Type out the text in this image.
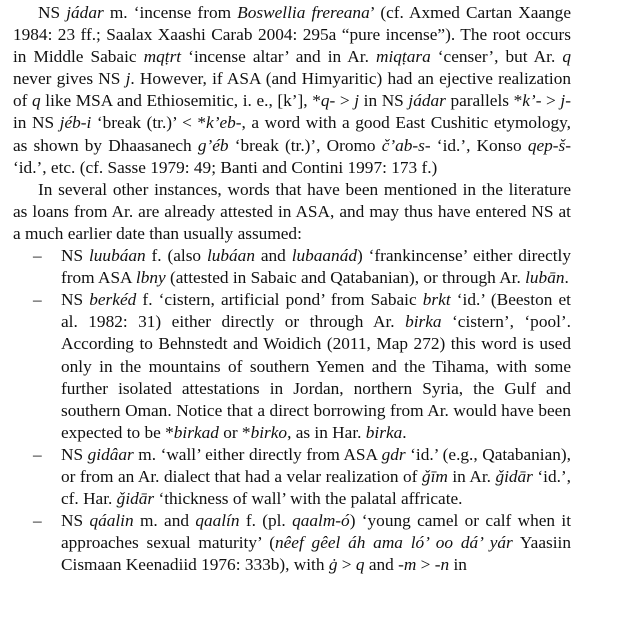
NS jádar m. ‘incense from Boswellia frereana’ (cf. Axmed Cartan Xaange 1984: 23 ff.; Saalax Xaashi Carab 2004: 295a “pure incense”). The root occurs in Middle Sabaic mqṭrt ‘incense altar’ and in Ar. miqṭara ‘censer’, but Ar. q never gives NS j. However, if ASA (and Himyaritic) had an ejective realization of q like MSA and Ethiosemitic, i. e., [k’], *q- > j in NS jádar parallels *k’- > j- in NS jéb-i ‘break (tr.)’ < *k’eb-, a word with a good East Cushitic etymology, as shown by Dhaasanech g’éb ‘break (tr.)’, Oromo č’ab-s- ‘id.’, Konso qep-š- ‘id.’, etc. (cf. Sasse 1979: 49; Banti and Contini 1997: 173 f.)

In several other instances, words that have been mentioned in the literature as loans from Ar. are already attested in ASA, and may thus have entered NS at a much earlier date than usually assumed:

– NS luubáan f. (also lubáan and lubaanád) ‘frankincense’ either directly from ASA lbny (attested in Sabaic and Qatabanian), or through Ar. lubān.
– NS berkéd f. ‘cistern, artificial pond’ from Sabaic brkt ‘id.’ (Beeston et al. 1982: 31) either directly or through Ar. birka ‘cistern’, ‘pool’. According to Behnstedt and Woidich (2011, Map 272) this word is used only in the mountains of southern Yemen and the Tihama, with some further isolated attestations in Jordan, northern Syria, the Gulf and southern Oman. Notice that a direct borrowing from Ar. would have been expected to be *birkad or *birko, as in Har. birka.
– NS gidâar m. ‘wall’ either directly from ASA gdr ‘id.’ (e.g., Qatabanian), or from an Ar. dialect that had a velar realization of ǧīm in Ar. ǧidār ‘id.’, cf. Har. ǧidār ‘thickness of wall’ with the palatal affricate.
– NS qáalin m. and qaalín f. (pl. qaalm-ó) ‘young camel or calf when it approaches sexual maturity’ (nêef gêel áh ama ló’ oo dá’ yár Yaasiin Cismaan Keenadiid 1976: 333b), with ġ > q and -m > -n in
